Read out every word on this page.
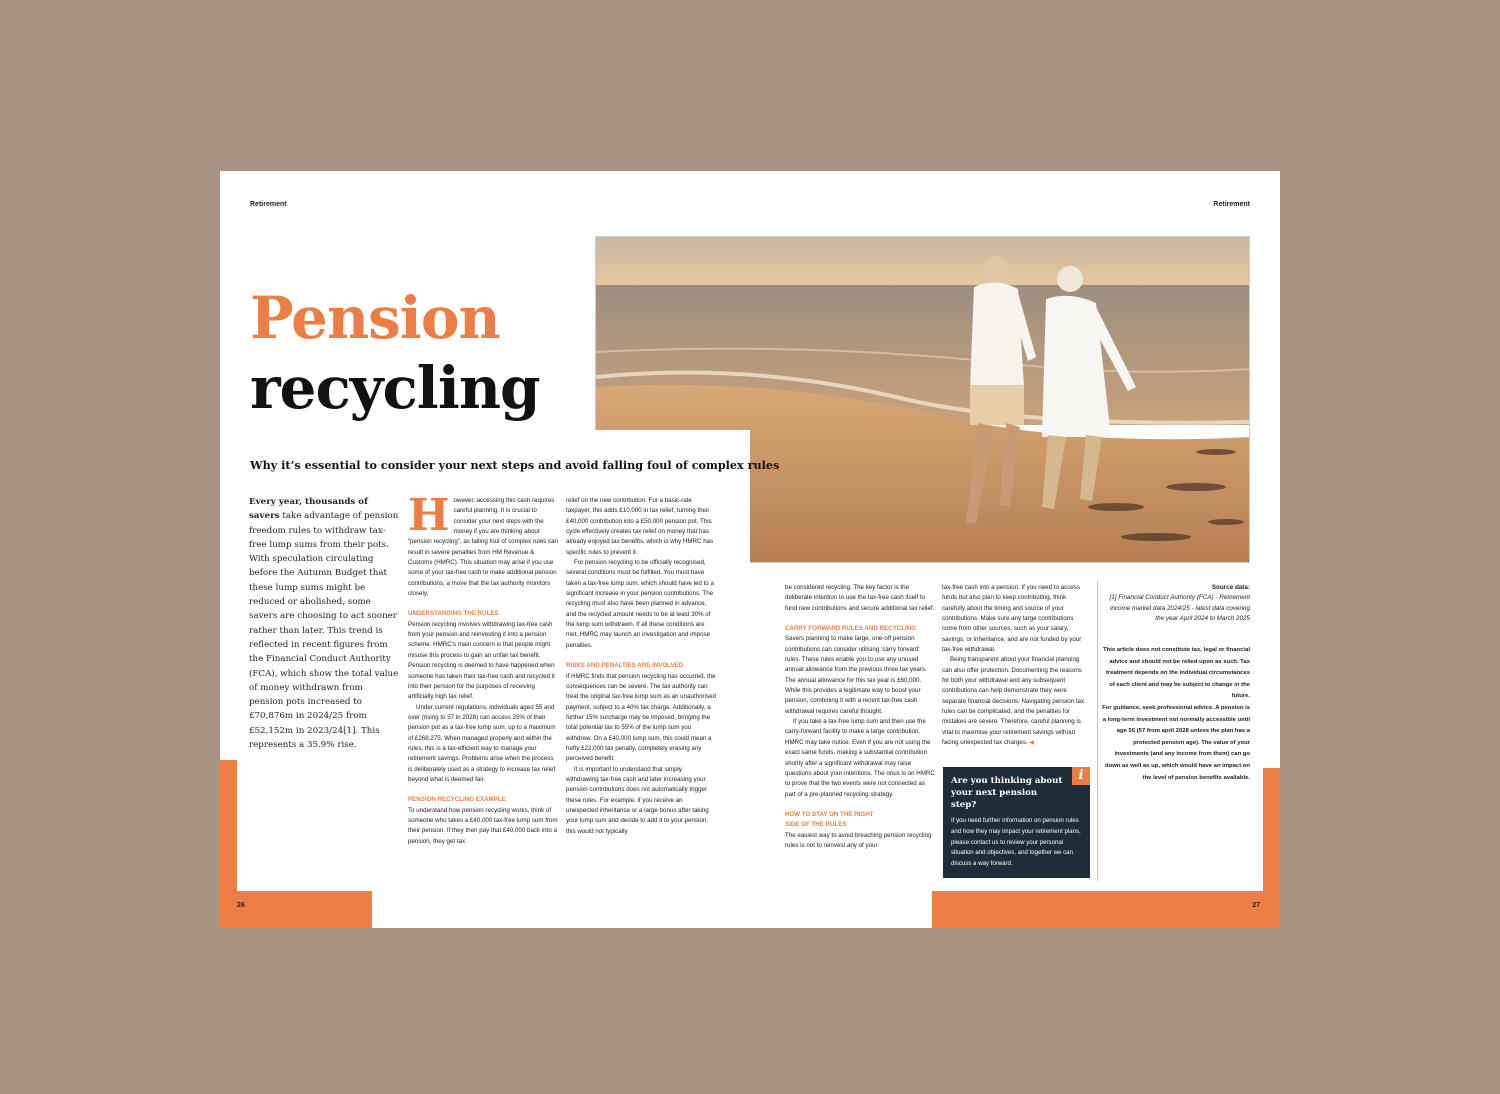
Retirement	Retirement
26	27
Pension
recycling
Why it’s essential to consider your next steps and avoid falling foul of complex rules
Every year, thousands of savers take advantage of pension freedom rules to withdraw tax-free lump sums from their pots. With speculation circulating before the Autumn Budget that these lump sums might be reduced or abolished, some savers are choosing to act sooner rather than later. This trend is reflected in recent figures from the Financial Conduct Authority (FCA), which show the total value of money withdrawn from pension pots increased to £70,876m in 2024/25 from £52,152m in 2023/24[1]. This represents a 35.9% rise.
H owever, accessing this cash requires careful planning. It is crucial to consider your next steps with the money if you are thinking about “pension recycling”, as falling foul of complex rules can result in severe penalties from HM Revenue & Customs (HMRC). This situation may arise if you use some of your tax-free cash to make additional pension contributions, a move that the tax authority monitors closely.

UNDERSTANDING THE RULES

Pension recycling involves withdrawing tax-free cash from your pension and reinvesting it into a pension scheme. HMRC’s main concern is that people might misuse this process to gain an unfair tax benefit. Pension recycling is deemed to have happened when someone has taken their tax-free cash and recycled it into their pension for the purposes of receiving artificially high tax relief.

Under current regulations, individuals aged 55 and over (rising to 57 in 2028) can access 25% of their pension pot as a tax-free lump sum, up to a maximum of £268,275. When managed properly and within the rules, this is a tax-efficient way to manage your retirement savings. Problems arise when the process is deliberately used as a strategy to increase tax relief beyond what is deemed fair.

PENSION RECYCLING EXAMPLE

To understand how pension recycling works, think of someone who takes a £40,000 tax-free lump sum from their pension. If they then pay that £40,000 back into a pension, they get tax

relief on the new contribution. For a basic-rate taxpayer, this adds £10,000 in tax relief, turning their £40,000 contribution into a £50,000 pension pot. This cycle effectively creates tax relief on money that has already enjoyed tax benefits, which is why HMRC has specific rules to prevent it.

For pension recycling to be officially recognised, several conditions must be fulfilled. You must have taken a tax-free lump sum, which should have led to a significant increase in your pension contributions. The recycling must also have been planned in advance, and the recycled amount needs to be at least 30% of the lump sum withdrawn. If all these conditions are met, HMRC may launch an investigation and impose penalties.

RISKS AND PENALTIES ARE INVOLVED

If HMRC finds that pension recycling has occurred, the consequences can be severe. The tax authority can treat the original tax-free lump sum as an unauthorised payment, subject to a 40% tax charge. Additionally, a further 15% surcharge may be imposed, bringing the total potential tax to 55% of the lump sum you withdrew. On a £40,000 lump sum, this could mean a hefty £22,000 tax penalty, completely erasing any perceived benefit.

It is important to understand that simply withdrawing tax-free cash and later increasing your pension contributions does not automatically trigger these rules. For example, if you receive an unexpected inheritance or a large bonus after taking your lump sum and decide to add it to your pension, this would not typically

be considered recycling. The key factor is the deliberate intention to use the tax-free cash itself to fund new contributions and secure additional tax relief.

CARRY FORWARD RULES AND RECYCLING

Savers planning to make large, one-off pension contributions can consider utilising ‘carry forward’ rules. These rules enable you to use any unused annual allowance from the previous three tax years. The annual allowance for this tax year is £60,000. While this provides a legitimate way to boost your pension, combining it with a recent tax-free cash withdrawal requires careful thought.

If you take a tax-free lump sum and then use the carry-forward facility to make a large contribution, HMRC may take notice. Even if you are not using the exact same funds, making a substantial contribution shortly after a significant withdrawal may raise questions about your intentions. The onus is on HMRC to prove that the two events were not connected as part of a pre-planned recycling strategy.

HOW TO STAY ON THE RIGHT
SIDE OF THE RULES

The easiest way to avoid breaching pension recycling rules is not to reinvest any of your

tax-free cash into a pension. If you need to access funds but also plan to keep contributing, think carefully about the timing and source of your contributions. Make sure any large contributions come from other sources, such as your salary, savings, or inheritance, and are not funded by your tax-free withdrawal.

Being transparent about your financial planning can also offer protection. Documenting the reasons for both your withdrawal and any subsequent contributions can help demonstrate they were separate financial decisions. Navigating pension tax rules can be complicated, and the penalties for mistakes are severe. Therefore, careful planning is vital to maximise your retirement savings without facing unexpected tax charges. ◀

i
Are you thinking about your next pension step?
If you need further information on pension rules and how they may impact your retirement plans, please contact us to review your personal situation and objectives, and together we can discuss a way forward.
Source data:
[1] Financial Conduct Authority (FCA) - Retirement income market data 2024/25 - latest data covering the year April 2024 to March 2025

This article does not constitute tax, legal or financial advice and should not be relied upon as such. Tax treatment depends on the individual circumstances of each client and may be subject to change in the future.

For guidance, seek professional advice. A pension is a long-term investment not normally accessible until age 55 (57 from april 2028 unless the plan has a protected pension age). The value of your investments (and any income from them) can go down as well as up, which would have an impact on the level of pension benefits available.
